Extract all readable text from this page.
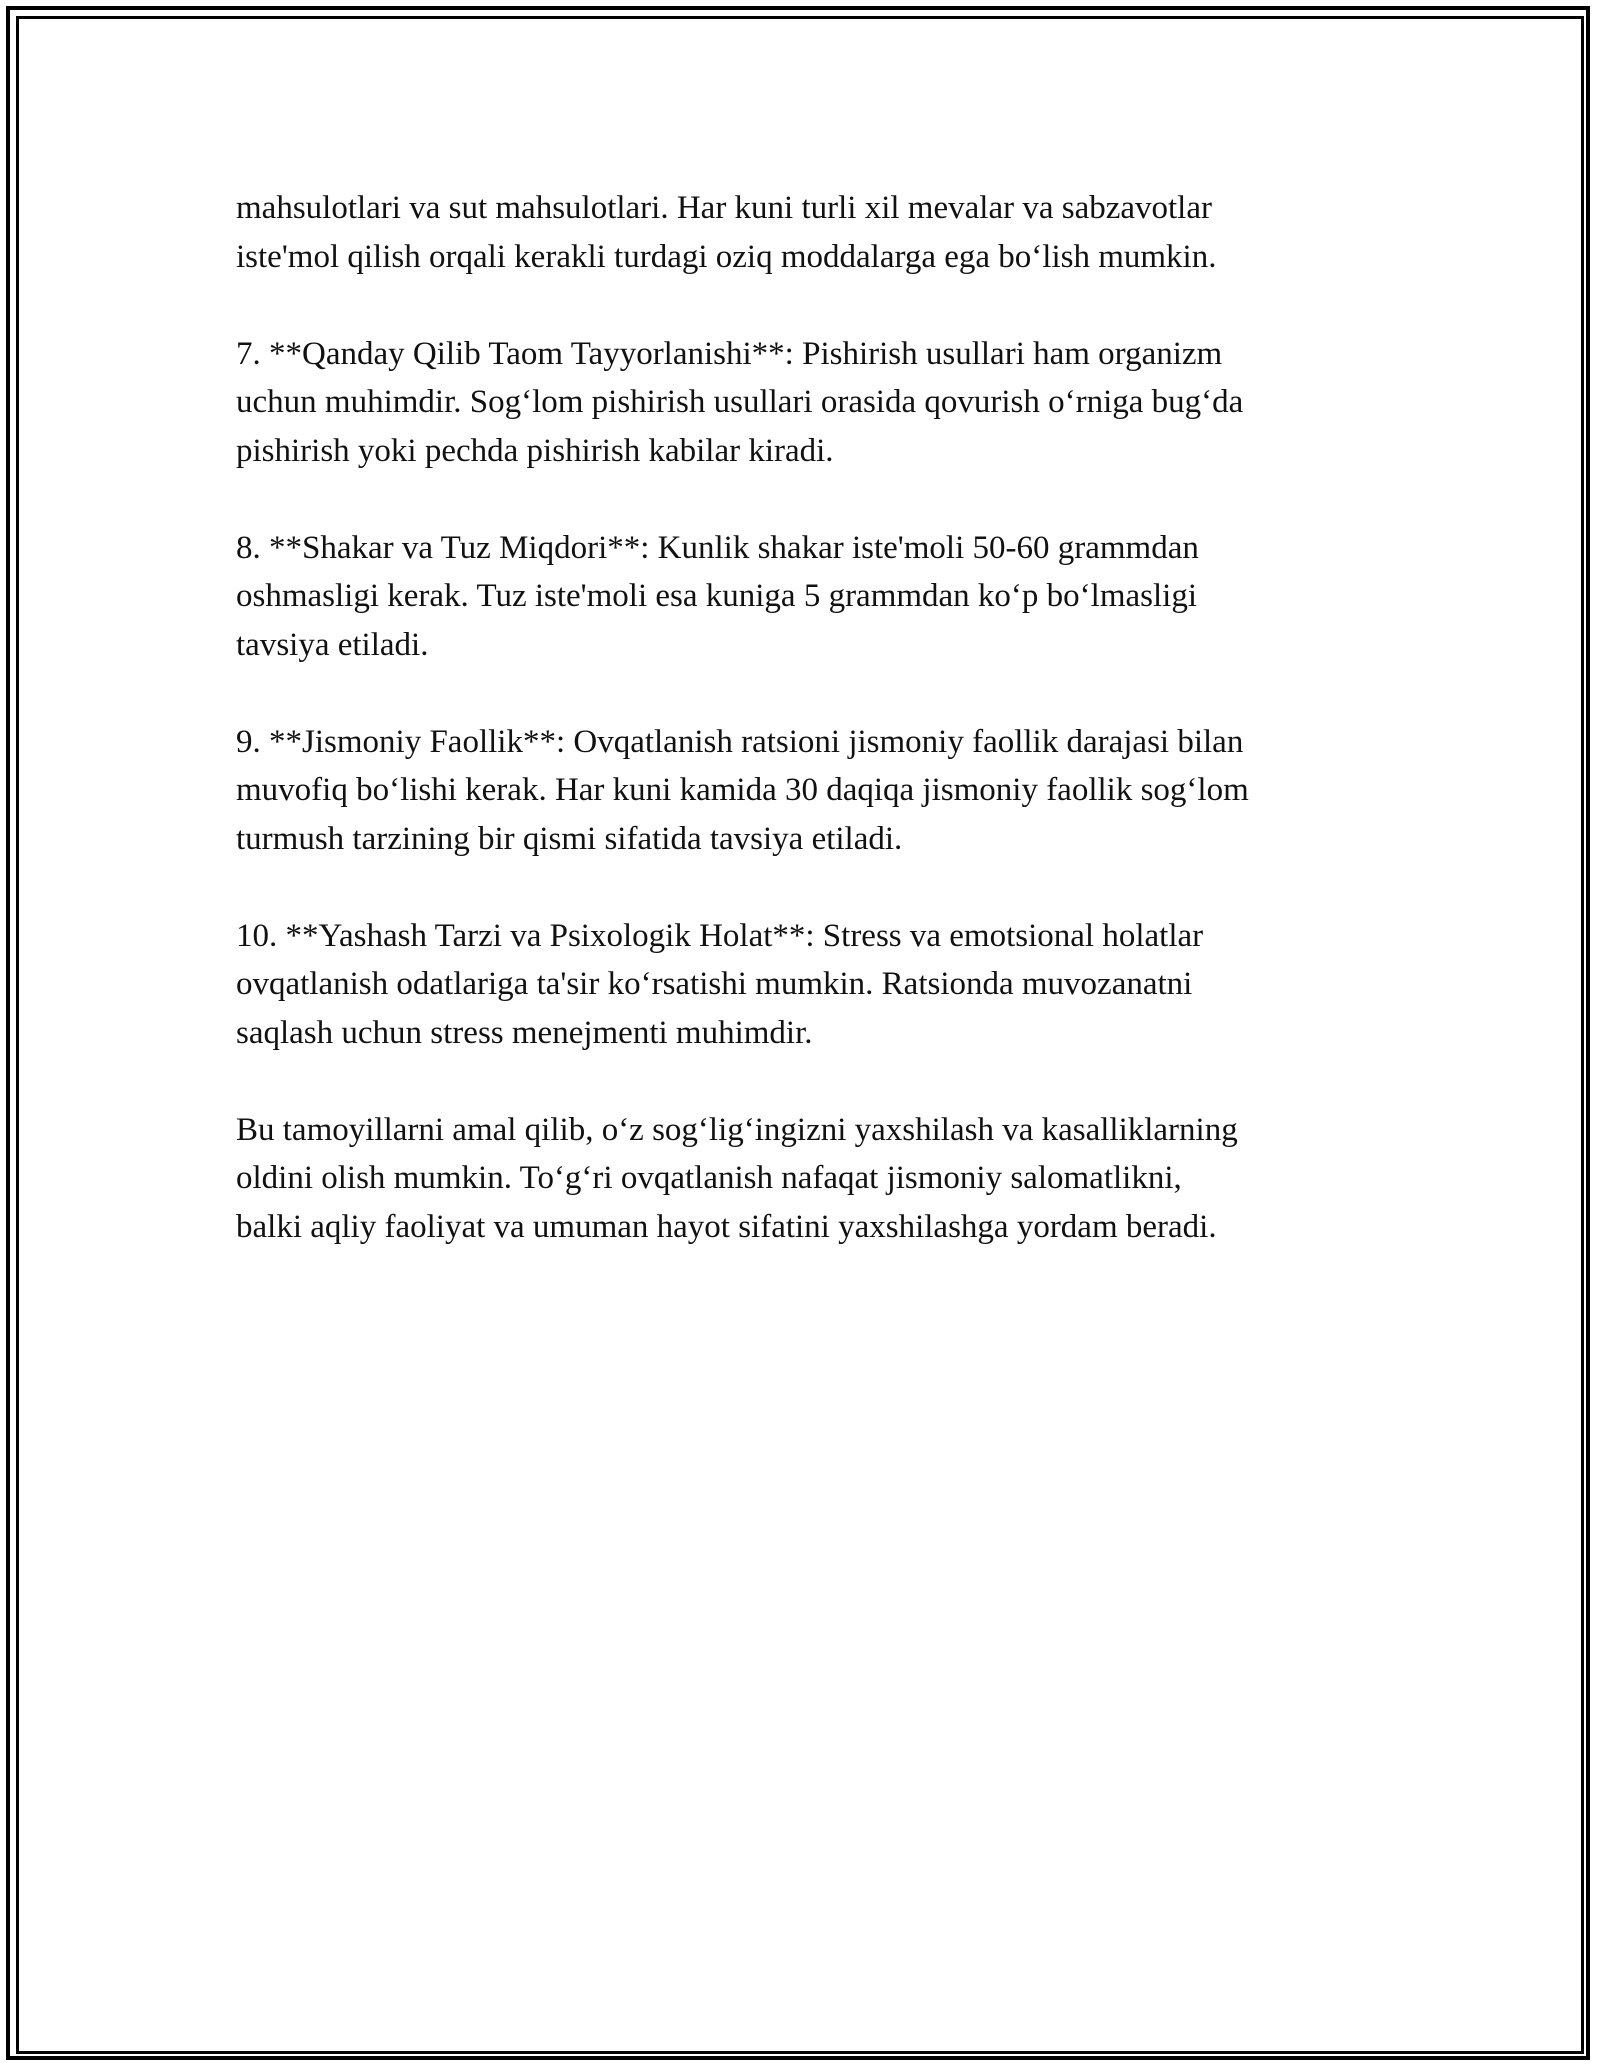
mahsulotlari va sut mahsulotlari. Har kuni turli xil mevalar va sabzavotlar
iste'mol qilish orqali kerakli turdagi oziq moddalarga ega bo‘lish mumkin.

7. **Qanday Qilib Taom Tayyorlanishi**: Pishirish usullari ham organizm
uchun muhimdir. Sog‘lom pishirish usullari orasida qovurish o‘rniga bug‘da
pishirish yoki pechda pishirish kabilar kiradi.

8. **Shakar va Tuz Miqdori**: Kunlik shakar iste'moli 50-60 grammdan
oshmasligi kerak. Tuz iste'moli esa kuniga 5 grammdan ko‘p bo‘lmasligi
tavsiya etiladi.

9. **Jismoniy Faollik**: Ovqatlanish ratsioni jismoniy faollik darajasi bilan
muvofiq bo‘lishi kerak. Har kuni kamida 30 daqiqa jismoniy faollik sog‘lom
turmush tarzining bir qismi sifatida tavsiya etiladi.

10. **Yashash Tarzi va Psixologik Holat**: Stress va emotsional holatlar
ovqatlanish odatlariga ta'sir ko‘rsatishi mumkin. Ratsionda muvozanatni
saqlash uchun stress menejmenti muhimdir.

Bu tamoyillarni amal qilib, o‘z sog‘lig‘ingizni yaxshilash va kasalliklarning
oldini olish mumkin. To‘g‘ri ovqatlanish nafaqat jismoniy salomatlikni,
balki aqliy faoliyat va umuman hayot sifatini yaxshilashga yordam beradi.
